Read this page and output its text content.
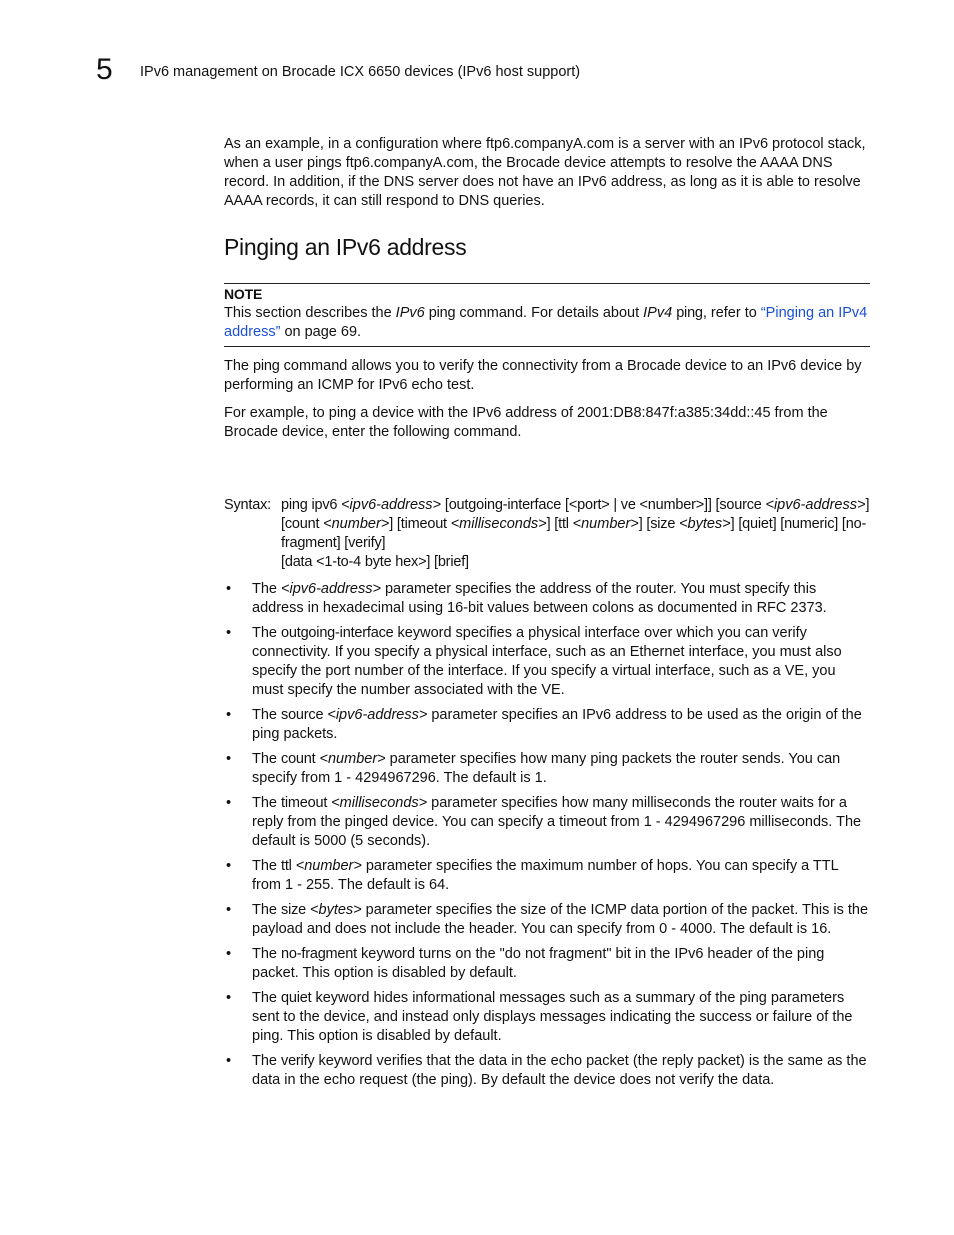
5 IPv6 management on Brocade ICX 6650 devices (IPv6 host support)
As an example, in a configuration where ftp6.companyA.com is a server with an IPv6 protocol stack, when a user pings ftp6.companyA.com, the Brocade device attempts to resolve the AAAA DNS record. In addition, if the DNS server does not have an IPv6 address, as long as it is able to resolve AAAA records, it can still respond to DNS queries.
Pinging an IPv6 address
NOTE
This section describes the IPv6 ping command. For details about IPv4 ping, refer to “Pinging an IPv4 address” on page 69.
The ping command allows you to verify the connectivity from a Brocade device to an IPv6 device by performing an ICMP for IPv6 echo test.
For example, to ping a device with the IPv6 address of 2001:DB8:847f:a385:34dd::45 from the Brocade device, enter the following command.
Syntax: ping ipv6 <ipv6-address> [outgoing-interface [<port> | ve <number>]] [source <ipv6-address>] [count <number>] [timeout <milliseconds>] [ttl <number>] [size <bytes>] [quiet] [numeric] [no-fragment] [verify]
[data <1-to-4 byte hex>] [brief]
• The <ipv6-address> parameter specifies the address of the router. You must specify this address in hexadecimal using 16-bit values between colons as documented in RFC 2373.
• The outgoing-interface keyword specifies a physical interface over which you can verify connectivity. If you specify a physical interface, such as an Ethernet interface, you must also specify the port number of the interface. If you specify a virtual interface, such as a VE, you must specify the number associated with the VE.
• The source <ipv6-address> parameter specifies an IPv6 address to be used as the origin of the ping packets.
• The count <number> parameter specifies how many ping packets the router sends. You can specify from 1 - 4294967296. The default is 1.
• The timeout <milliseconds> parameter specifies how many milliseconds the router waits for a reply from the pinged device. You can specify a timeout from 1 - 4294967296 milliseconds. The default is 5000 (5 seconds).
• The ttl <number> parameter specifies the maximum number of hops. You can specify a TTL from 1 - 255. The default is 64.
• The size <bytes> parameter specifies the size of the ICMP data portion of the packet. This is the payload and does not include the header. You can specify from 0 - 4000. The default is 16.
• The no-fragment keyword turns on the "do not fragment" bit in the IPv6 header of the ping packet. This option is disabled by default.
• The quiet keyword hides informational messages such as a summary of the ping parameters sent to the device, and instead only displays messages indicating the success or failure of the ping. This option is disabled by default.
• The verify keyword verifies that the data in the echo packet (the reply packet) is the same as the data in the echo request (the ping). By default the device does not verify the data.
